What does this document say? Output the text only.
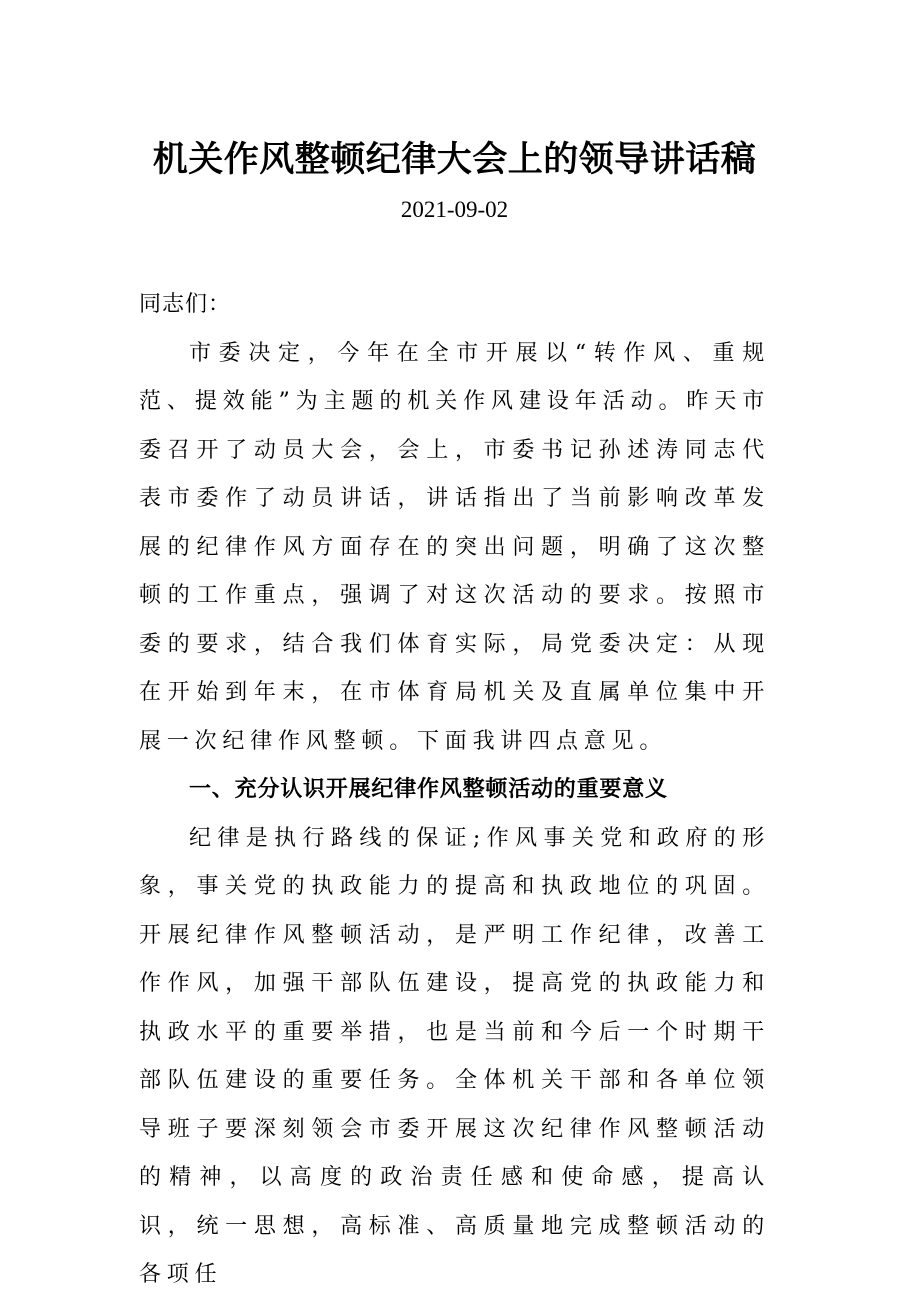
机关作风整顿纪律大会上的领导讲话稿
2021-09-02

同志们：

市委决定，今年在全市开展以“转作风、重规范、提效能”为主题的机关作风建设年活动。昨天市委召开了动员大会，会上，市委书记孙述涛同志代表市委作了动员讲话，讲话指出了当前影响改革发展的纪律作风方面存在的突出问题，明确了这次整顿的工作重点，强调了对这次活动的要求。按照市委的要求，结合我们体育实际，局党委决定：从现在开始到年末，在市体育局机关及直属单位集中开展一次纪律作风整顿。下面我讲四点意见。

一、充分认识开展纪律作风整顿活动的重要意义

纪律是执行路线的保证;作风事关党和政府的形象，事关党的执政能力的提高和执政地位的巩固。开展纪律作风整顿活动，是严明工作纪律，改善工作作风，加强干部队伍建设，提高党的执政能力和执政水平的重要举措，也是当前和今后一个时期干部队伍建设的重要任务。全体机关干部和各单位领导班子要深刻领会市委开展这次纪律作风整顿活动的精神，以高度的政治责任感和使命感，提高认识，统一思想，高标准、高质量地完成整顿活动的各项任
